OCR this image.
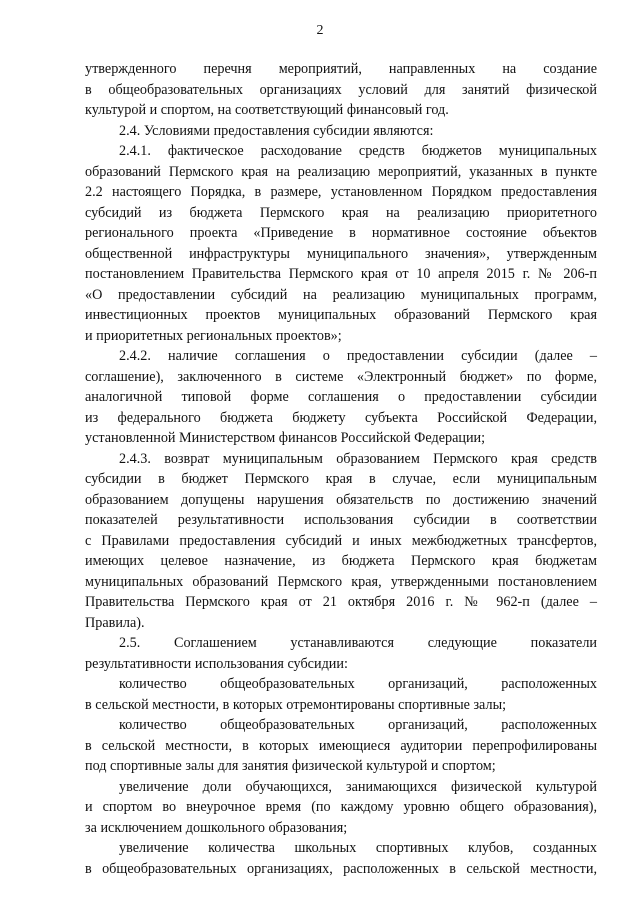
2
утвержденного перечня мероприятий, направленных на создание
в общеобразовательных организациях условий для занятий физической
культурой и спортом, на соответствующий финансовый год.
2.4. Условиями предоставления субсидии являются:
2.4.1. фактическое расходование средств бюджетов муниципальных
образований Пермского края на реализацию мероприятий, указанных в пункте
2.2 настоящего Порядка, в размере, установленном Порядком предоставления
субсидий из бюджета Пермского края на реализацию приоритетного
регионального проекта «Приведение в нормативное состояние объектов
общественной инфраструктуры муниципального значения», утвержденным
постановлением Правительства Пермского края от 10 апреля 2015 г. № 206-п
«О предоставлении субсидий на реализацию муниципальных программ,
инвестиционных проектов муниципальных образований Пермского края
и приоритетных региональных проектов»;
2.4.2. наличие соглашения о предоставлении субсидии (далее –
соглашение), заключенного в системе «Электронный бюджет» по форме,
аналогичной типовой форме соглашения о предоставлении субсидии
из федерального бюджета бюджету субъекта Российской Федерации,
установленной Министерством финансов Российской Федерации;
2.4.3. возврат муниципальным образованием Пермского края средств
субсидии в бюджет Пермского края в случае, если муниципальным
образованием допущены нарушения обязательств по достижению значений
показателей результативности использования субсидии в соответствии
с Правилами предоставления субсидий и иных межбюджетных трансфертов,
имеющих целевое назначение, из бюджета Пермского края бюджетам
муниципальных образований Пермского края, утвержденными постановлением
Правительства Пермского края от 21 октября 2016 г. № 962-п (далее –
Правила).
2.5. Соглашением устанавливаются следующие показатели
результативности использования субсидии:
количество общеобразовательных организаций, расположенных
в сельской местности, в которых отремонтированы спортивные залы;
количество общеобразовательных организаций, расположенных
в сельской местности, в которых имеющиеся аудитории перепрофилированы
под спортивные залы для занятия физической культурой и спортом;
увеличение доли обучающихся, занимающихся физической культурой
и спортом во внеурочное время (по каждому уровню общего образования),
за исключением дошкольного образования;
увеличение количества школьных спортивных клубов, созданных
в общеобразовательных организациях, расположенных в сельской местности,
